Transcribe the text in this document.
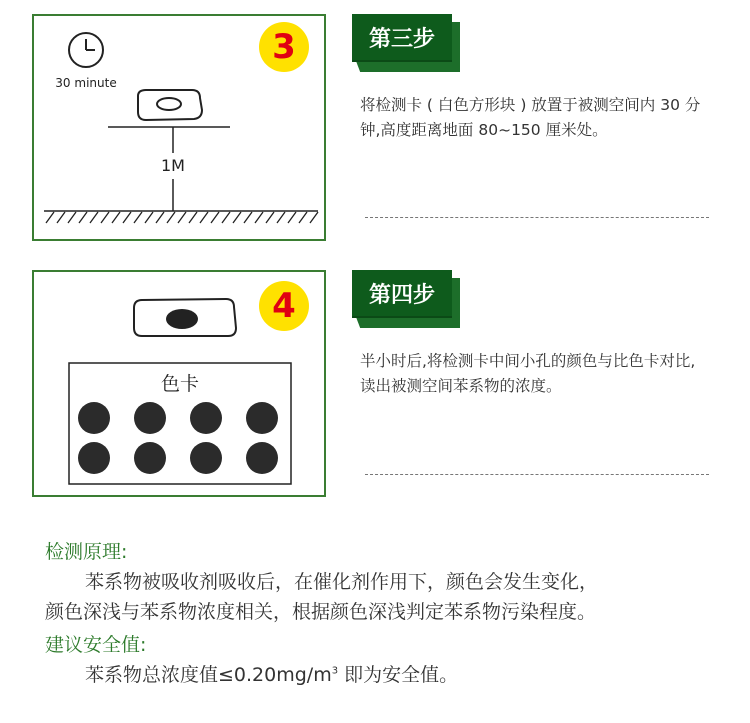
30 minute
1M
3	第三步
将检测卡 ( 白色方形块 ) 放置于被测空间内 30 分钟,高度距离地面 80~150 厘米处。
色卡
4	第四步
半小时后,将检测卡中间小孔的颜色与比色卡对比,读出被测空间苯系物的浓度。
检测原理:
苯系物被吸收剂吸收后，在催化剂作用下，颜色会发生变化，
颜色深浅与苯系物浓度相关，根据颜色深浅判定苯系物污染程度。
建议安全值:
苯系物总浓度值$\le 0.20mg/m^3$ 即为安全值。
